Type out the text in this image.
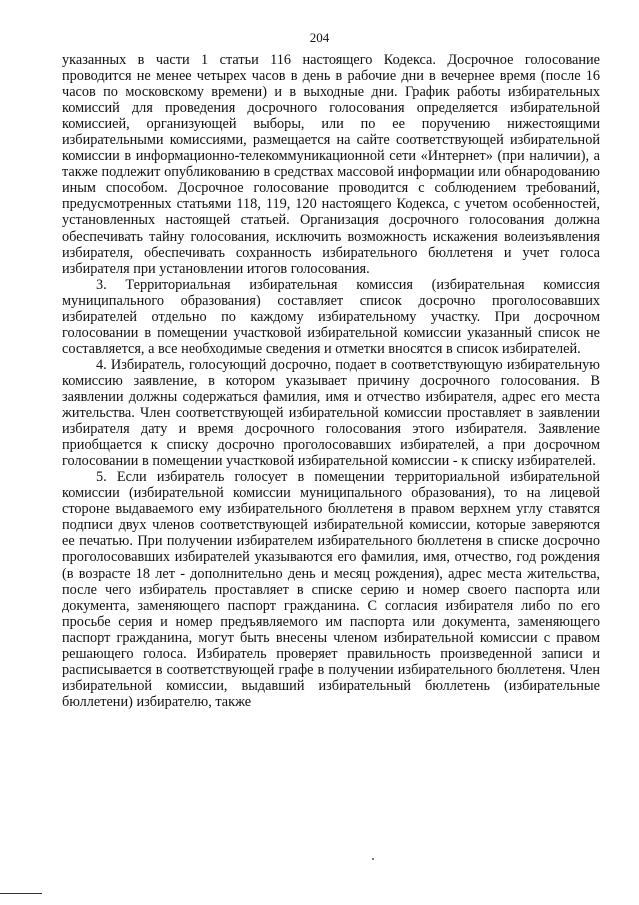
204

указанных в части 1 статьи 116 настоящего Кодекса. Досрочное голосование проводится не менее четырех часов в день в рабочие дни в вечернее время (после 16 часов по московскому времени) и в выходные дни. График работы избирательных комиссий для проведения досрочного голосования определяется избирательной комиссией, организующей выборы, или по ее поручению нижестоящими избирательными комиссиями, размещается на сайте соответствующей избирательной комиссии в информационно-телекоммуникационной сети «Интернет» (при наличии), а также подлежит опубликованию в средствах массовой информации или обнародованию иным способом. Досрочное голосование проводится с соблюдением требований, предусмотренных статьями 118, 119, 120 настоящего Кодекса, с учетом особенностей, установленных настоящей статьей. Организация досрочного голосования должна обеспечивать тайну голосования, исключить возможность искажения волеизъявления избирателя, обеспечивать сохранность избирательного бюллетеня и учет голоса избирателя при установлении итогов голосования.

3. Территориальная избирательная комиссия (избирательная комиссия муниципального образования) составляет список досрочно проголосовавших избирателей отдельно по каждому избирательному участку. При досрочном голосовании в помещении участковой избирательной комиссии указанный список не составляется, а все необходимые сведения и отметки вносятся в список избирателей.

4. Избиратель, голосующий досрочно, подает в соответствующую избирательную комиссию заявление, в котором указывает причину досрочного голосования. В заявлении должны содержаться фамилия, имя и отчество избирателя, адрес его места жительства. Член соответствующей избирательной комиссии проставляет в заявлении избирателя дату и время досрочного голосования этого избирателя. Заявление приобщается к списку досрочно проголосовавших избирателей, а при досрочном голосовании в помещении участковой избирательной комиссии - к списку избирателей.

5. Если избиратель голосует в помещении территориальной избирательной комиссии (избирательной комиссии муниципального образования), то на лицевой стороне выдаваемого ему избирательного бюллетеня в правом верхнем углу ставятся подписи двух членов соответствующей избирательной комиссии, которые заверяются ее печатью. При получении избирателем избирательного бюллетеня в списке досрочно проголосовавших избирателей указываются его фамилия, имя, отчество, год рождения (в возрасте 18 лет - дополнительно день и месяц рождения), адрес места жительства, после чего избиратель проставляет в списке серию и номер своего паспорта или документа, заменяющего паспорт гражданина. С согласия избирателя либо по его просьбе серия и номер предъявляемого им паспорта или документа, заменяющего паспорт гражданина, могут быть внесены членом избирательной комиссии с правом решающего голоса. Избиратель проверяет правильность произведенной записи и расписывается в соответствующей графе в получении избирательного бюллетеня. Член избирательной комиссии, выдавший избирательный бюллетень (избирательные бюллетени) избирателю, также
